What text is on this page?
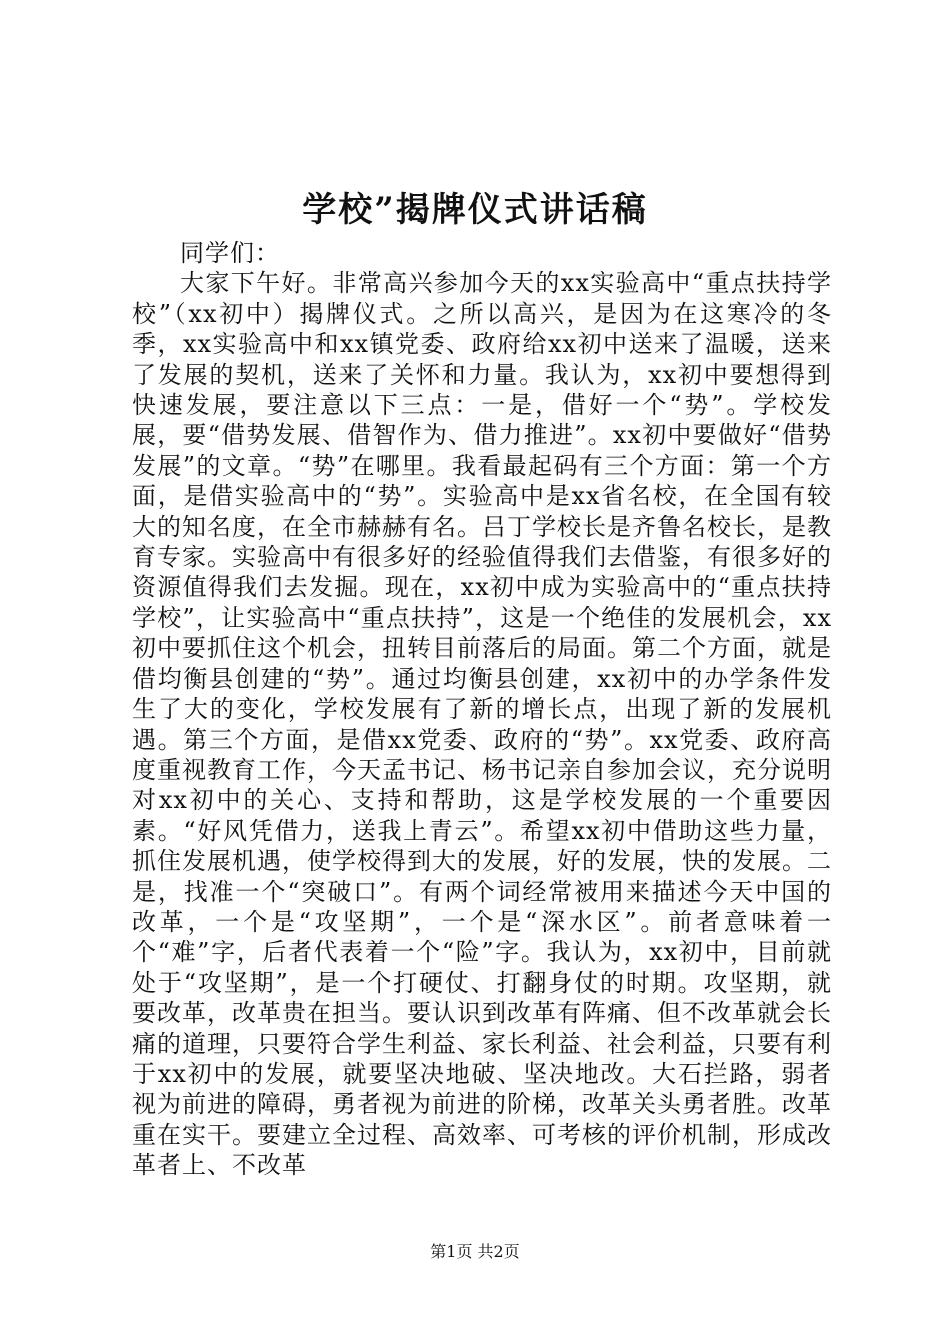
学校”揭牌仪式讲话稿

同学们：

大家下午好。非常高兴参加今天的xx实验高中“重点扶持学校”（xx初中）揭牌仪式。之所以高兴，是因为在这寒冷的冬季，xx实验高中和xx镇党委、政府给xx初中送来了温暖，送来了发展的契机，送来了关怀和力量。我认为，xx初中要想得到快速发展，要注意以下三点：一是，借好一个“势”。学校发展，要“借势发展、借智作为、借力推进”。xx初中要做好“借势发展”的文章。“势”在哪里。我看最起码有三个方面：第一个方面，是借实验高中的“势”。实验高中是xx省名校，在全国有较大的知名度，在全市赫赫有名。吕丁学校长是齐鲁名校长，是教育专家。实验高中有很多好的经验值得我们去借鉴，有很多好的资源值得我们去发掘。现在，xx初中成为实验高中的“重点扶持学校”，让实验高中“重点扶持”，这是一个绝佳的发展机会，xx初中要抓住这个机会，扭转目前落后的局面。第二个方面，就是借均衡县创建的“势”。通过均衡县创建，xx初中的办学条件发生了大的变化，学校发展有了新的增长点，出现了新的发展机遇。第三个方面，是借xx党委、政府的“势”。xx党委、政府高度重视教育工作，今天孟书记、杨书记亲自参加会议，充分说明对xx初中的关心、支持和帮助，这是学校发展的一个重要因素。“好风凭借力，送我上青云”。希望xx初中借助这些力量，抓住发展机遇，使学校得到大的发展，好的发展，快的发展。二是，找准一个“突破口”。有两个词经常被用来描述今天中国的改革，一个是“攻坚期”，一个是“深水区”。前者意味着一个“难”字，后者代表着一个“险”字。我认为，xx初中，目前就处于“攻坚期”，是一个打硬仗、打翻身仗的时期。攻坚期，就要改革，改革贵在担当。要认识到改革有阵痛、但不改革就会长痛的道理，只要符合学生利益、家长利益、社会利益，只要有利于xx初中的发展，就要坚决地破、坚决地改。大石拦路，弱者视为前进的障碍，勇者视为前进的阶梯，改革关头勇者胜。改革重在实干。要建立全过程、高效率、可考核的评价机制，形成改革者上、不改革

第1页 共2页
